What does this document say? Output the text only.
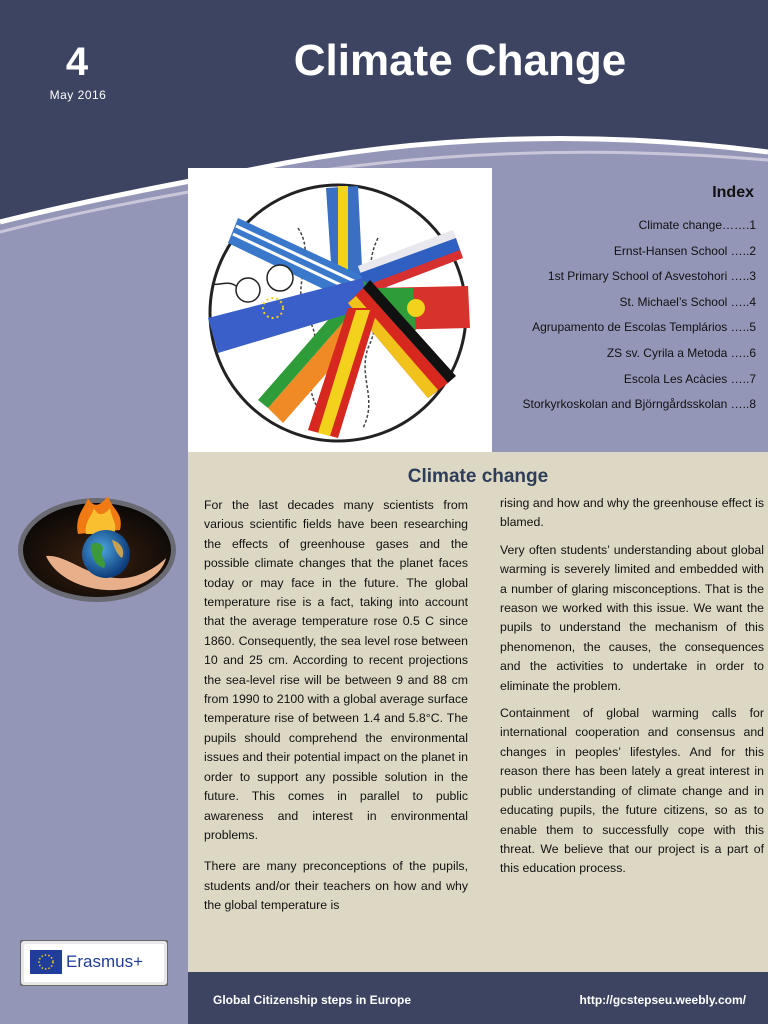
4
May 2016
Climate Change
Index
Climate change…….1
Ernst-Hansen School …..2
1st Primary School of Asvestohori …..3
St. Michael’s School …..4
Agrupamento de Escolas Templários …..5
ZS sv. Cyrila a Metoda …..6
Escola Les Acàcies …..7
Storkyrkoskolan and Björngårdsskolan …..8
Climate change

For the last decades many scientists from various scientific fields have been researching the effects of greenhouse gases and the possible climate changes that the planet faces today or may face in the future. The global temperature rise is a fact, taking into account that the average temperature rose 0.5 C since 1860. Consequently, the sea level rose between 10 and 25 cm. According to recent projections the sea-level rise will be between 9 and 88 cm from 1990 to 2100 with a global average surface temperature rise of between 1.4 and 5.8°C. The pupils should comprehend the environmental issues and their potential impact on the planet in order to support any possible solution in the future. This comes in parallel to public awareness and interest in environmental problems.

There are many preconceptions of the pupils, students and/or their teachers on how and why the global temperature is

rising and how and why the greenhouse effect is blamed.

Very often students’ understanding about global warming is severely limited and embedded with a number of glaring misconceptions. That is the reason we worked with this issue. We want the pupils to understand the mechanism of this phenomenon, the causes, the consequences and the activities to undertake in order to eliminate the problem.

Containment of global warming calls for international cooperation and consensus and changes in peoples’ lifestyles. And for this reason there has been lately a great interest in public understanding of climate change and in educating pupils, the future citizens, so as to enable them to successfully cope with this threat. We believe that our project is a part of this education process.

Erasmus+
Global Citizenship steps in Europe	http://gcstepseu.weebly.com/
